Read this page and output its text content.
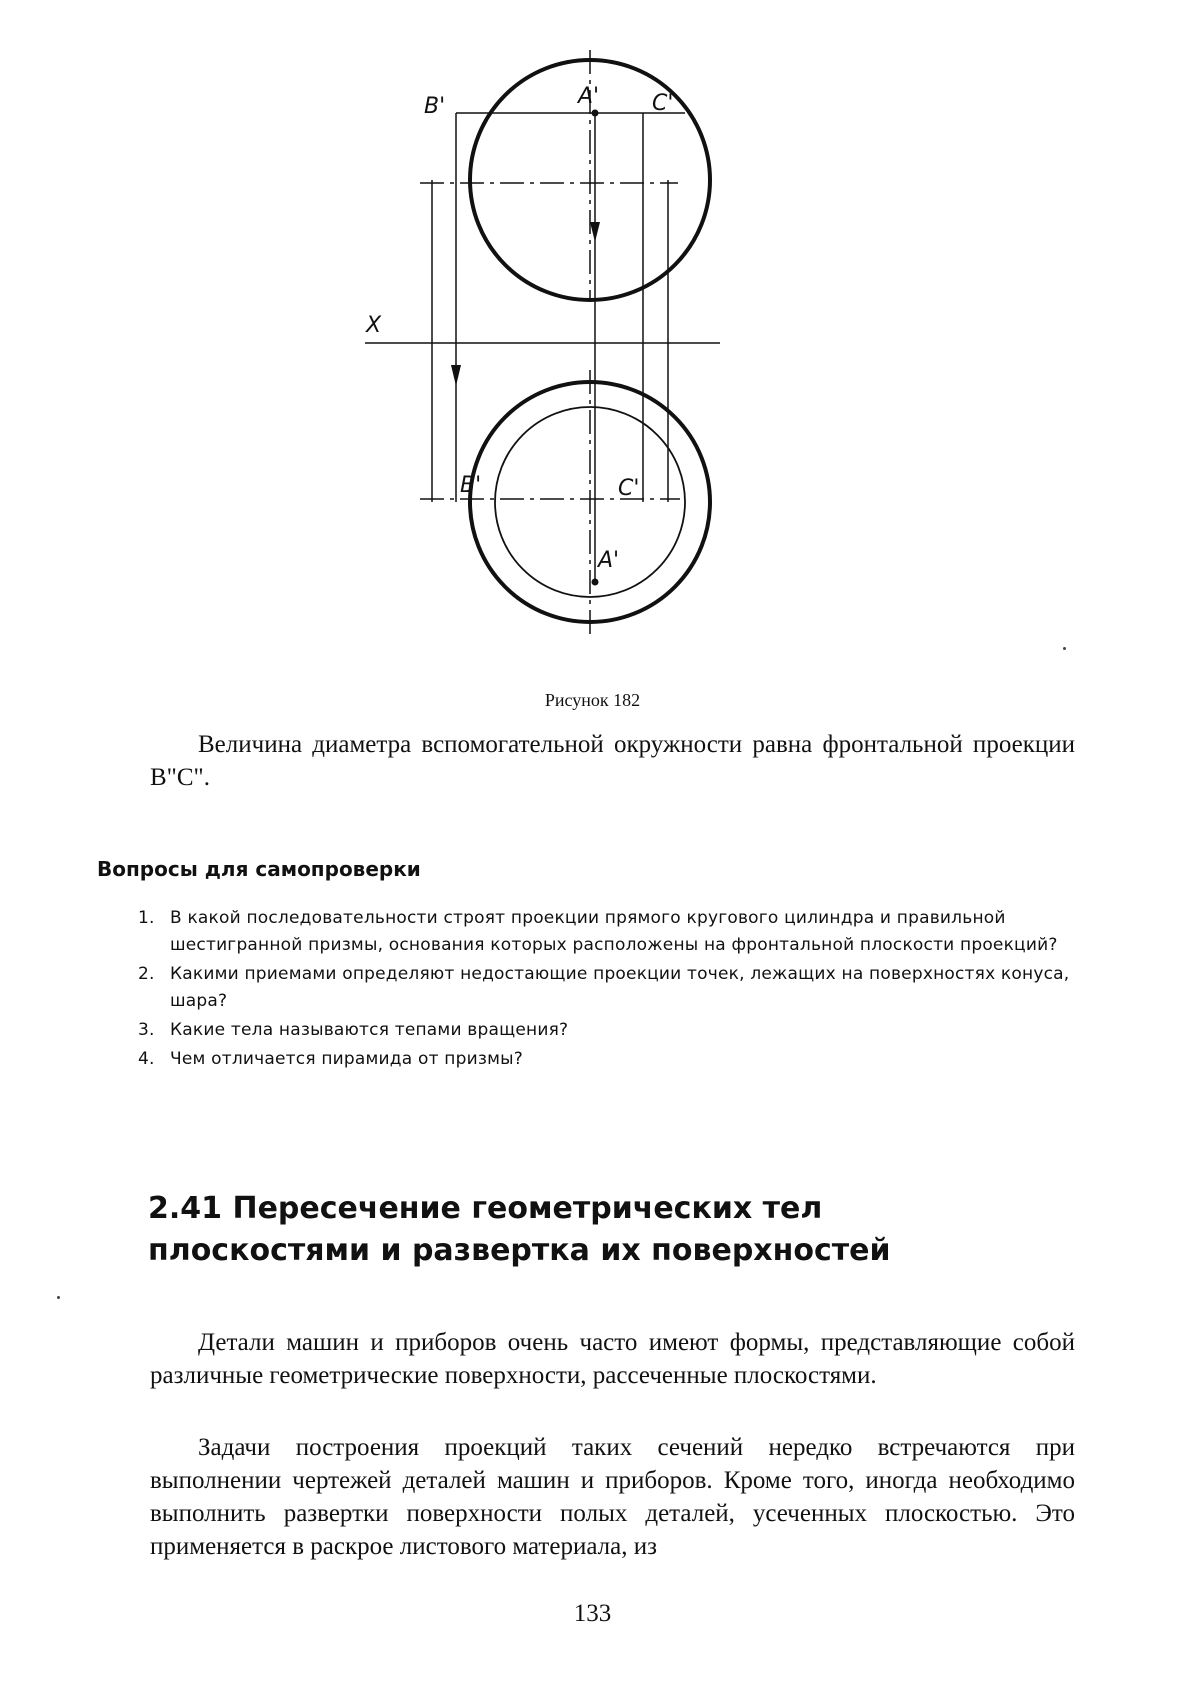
B'	A' C'
X
B'	C'
A'
Рисунок 182

Величина диаметра вспомогательной окружности равна фронтальной проекции B"C".

Вопросы для самопроверки
1. В какой последовательности строят проекции прямого кругового цилиндра и правильной шестигранной призмы, основания которых расположены на фронтальной плоскости проекций?
2. Какими приемами определяют недостающие проекции точек, лежащих на поверхностях конуса, шара?
3. Какие тела называются тепами вращения?
4. Чем отличается пирамида от призмы?
2.41 Пересечение геометрических тел плоскостями и развертка их поверхностей

Детали машин и приборов очень часто имеют формы, представляющие собой различные геометрические поверхности, рассеченные плоскостями.

Задачи построения проекций таких сечений нередко встречаются при выполнении чертежей деталей машин и приборов. Кроме того, иногда необходимо выполнить развертки поверхности полых деталей, усеченных плоскостью. Это применяется в раскрое листового материала, из

133
